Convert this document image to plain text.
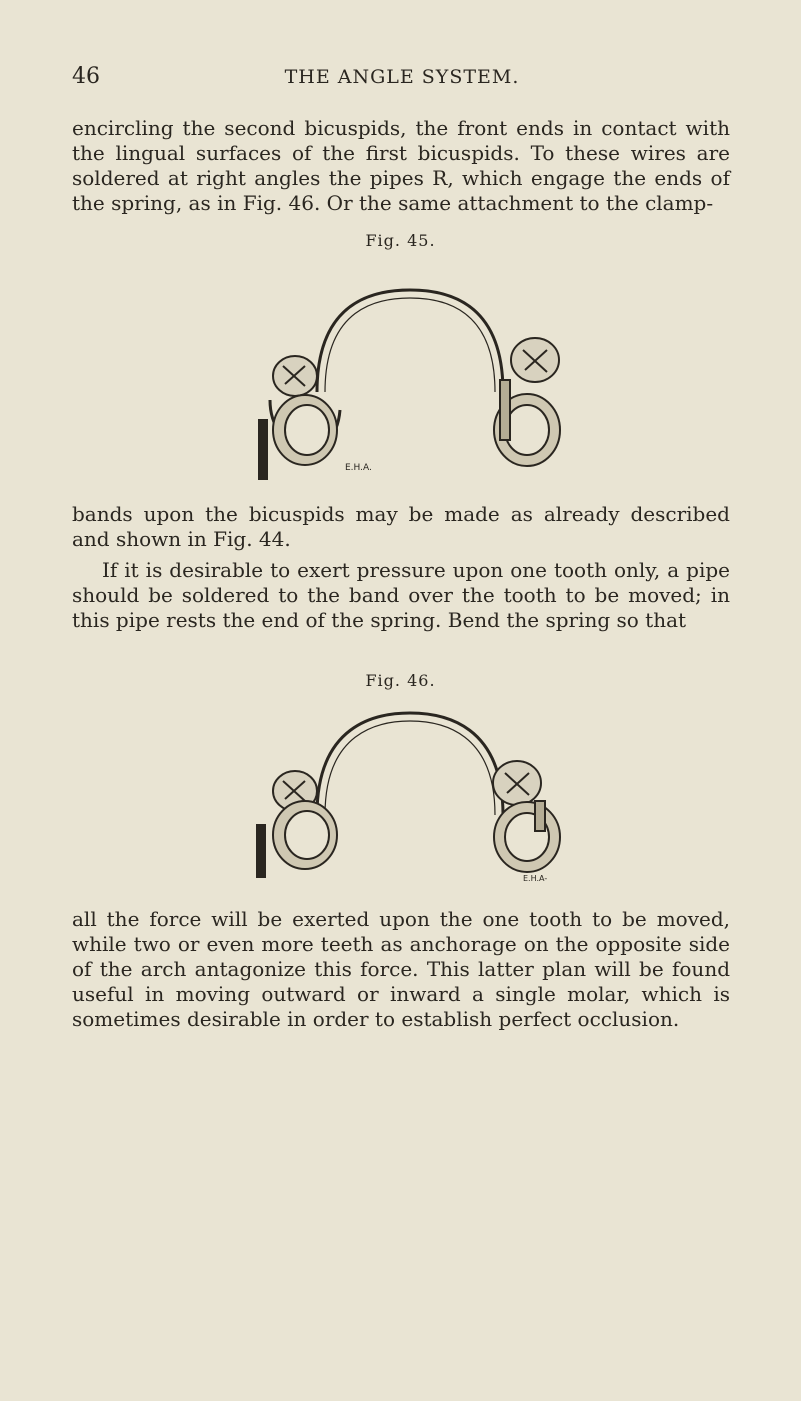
46	THE ANGLE SYSTEM.

encircling the second bicuspids, the front ends in contact with the lingual surfaces of the first bicuspids. To these wires are soldered at right angles the pipes R, which engage the ends of the spring, as in Fig. 46. Or the same attachment to the clamp-

Fig. 45.
E.H.A.

bands upon the bicuspids may be made as already described and shown in Fig. 44.

If it is desirable to exert pressure upon one tooth only, a pipe should be soldered to the band over the tooth to be moved; in this pipe rests the end of the spring. Bend the spring so that

Fig. 46.
E.H.A-

all the force will be exerted upon the one tooth to be moved, while two or even more teeth as anchorage on the opposite side of the arch antagonize this force. This latter plan will be found useful in moving outward or inward a single molar, which is sometimes desirable in order to establish perfect occlusion.
